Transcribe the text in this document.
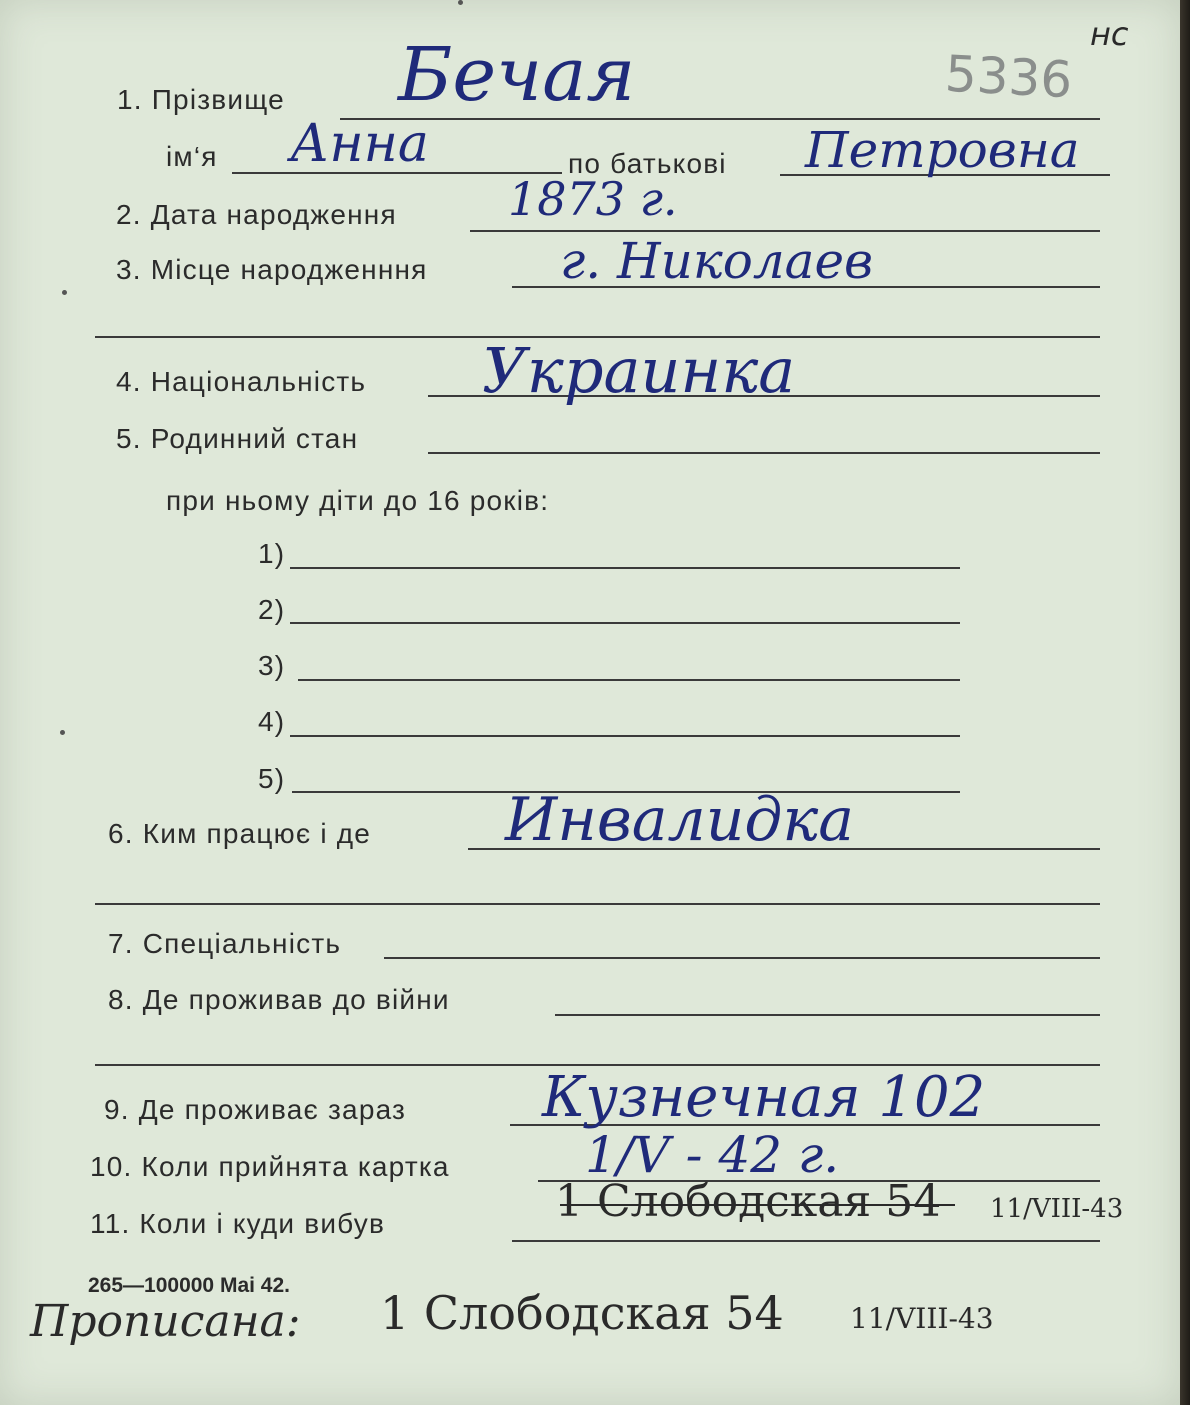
5336
нс
1. Прізвище Бечая
ім‘я Анна	по батькові Петровна
2. Дата народження 1873 г.
3. Місце народженння	г. Николаев
4. Національність Украинка
5. Родинний стан
при ньому діти до 16 років:
1)
2)
3)
4)
5)
6. Ким працює і де Инвалидка
7. Спеціальність
8. Де проживав до війни
9. Де проживає зараз Кузнечная 102
10. Коли прийнята картка	1/V - 42 г.
11. Коли і куди вибув	1 Слободская 54 11/VIII-43
265—100000 Mai 42.
Прописана: 1 Слободская 54 11/VIII-43
